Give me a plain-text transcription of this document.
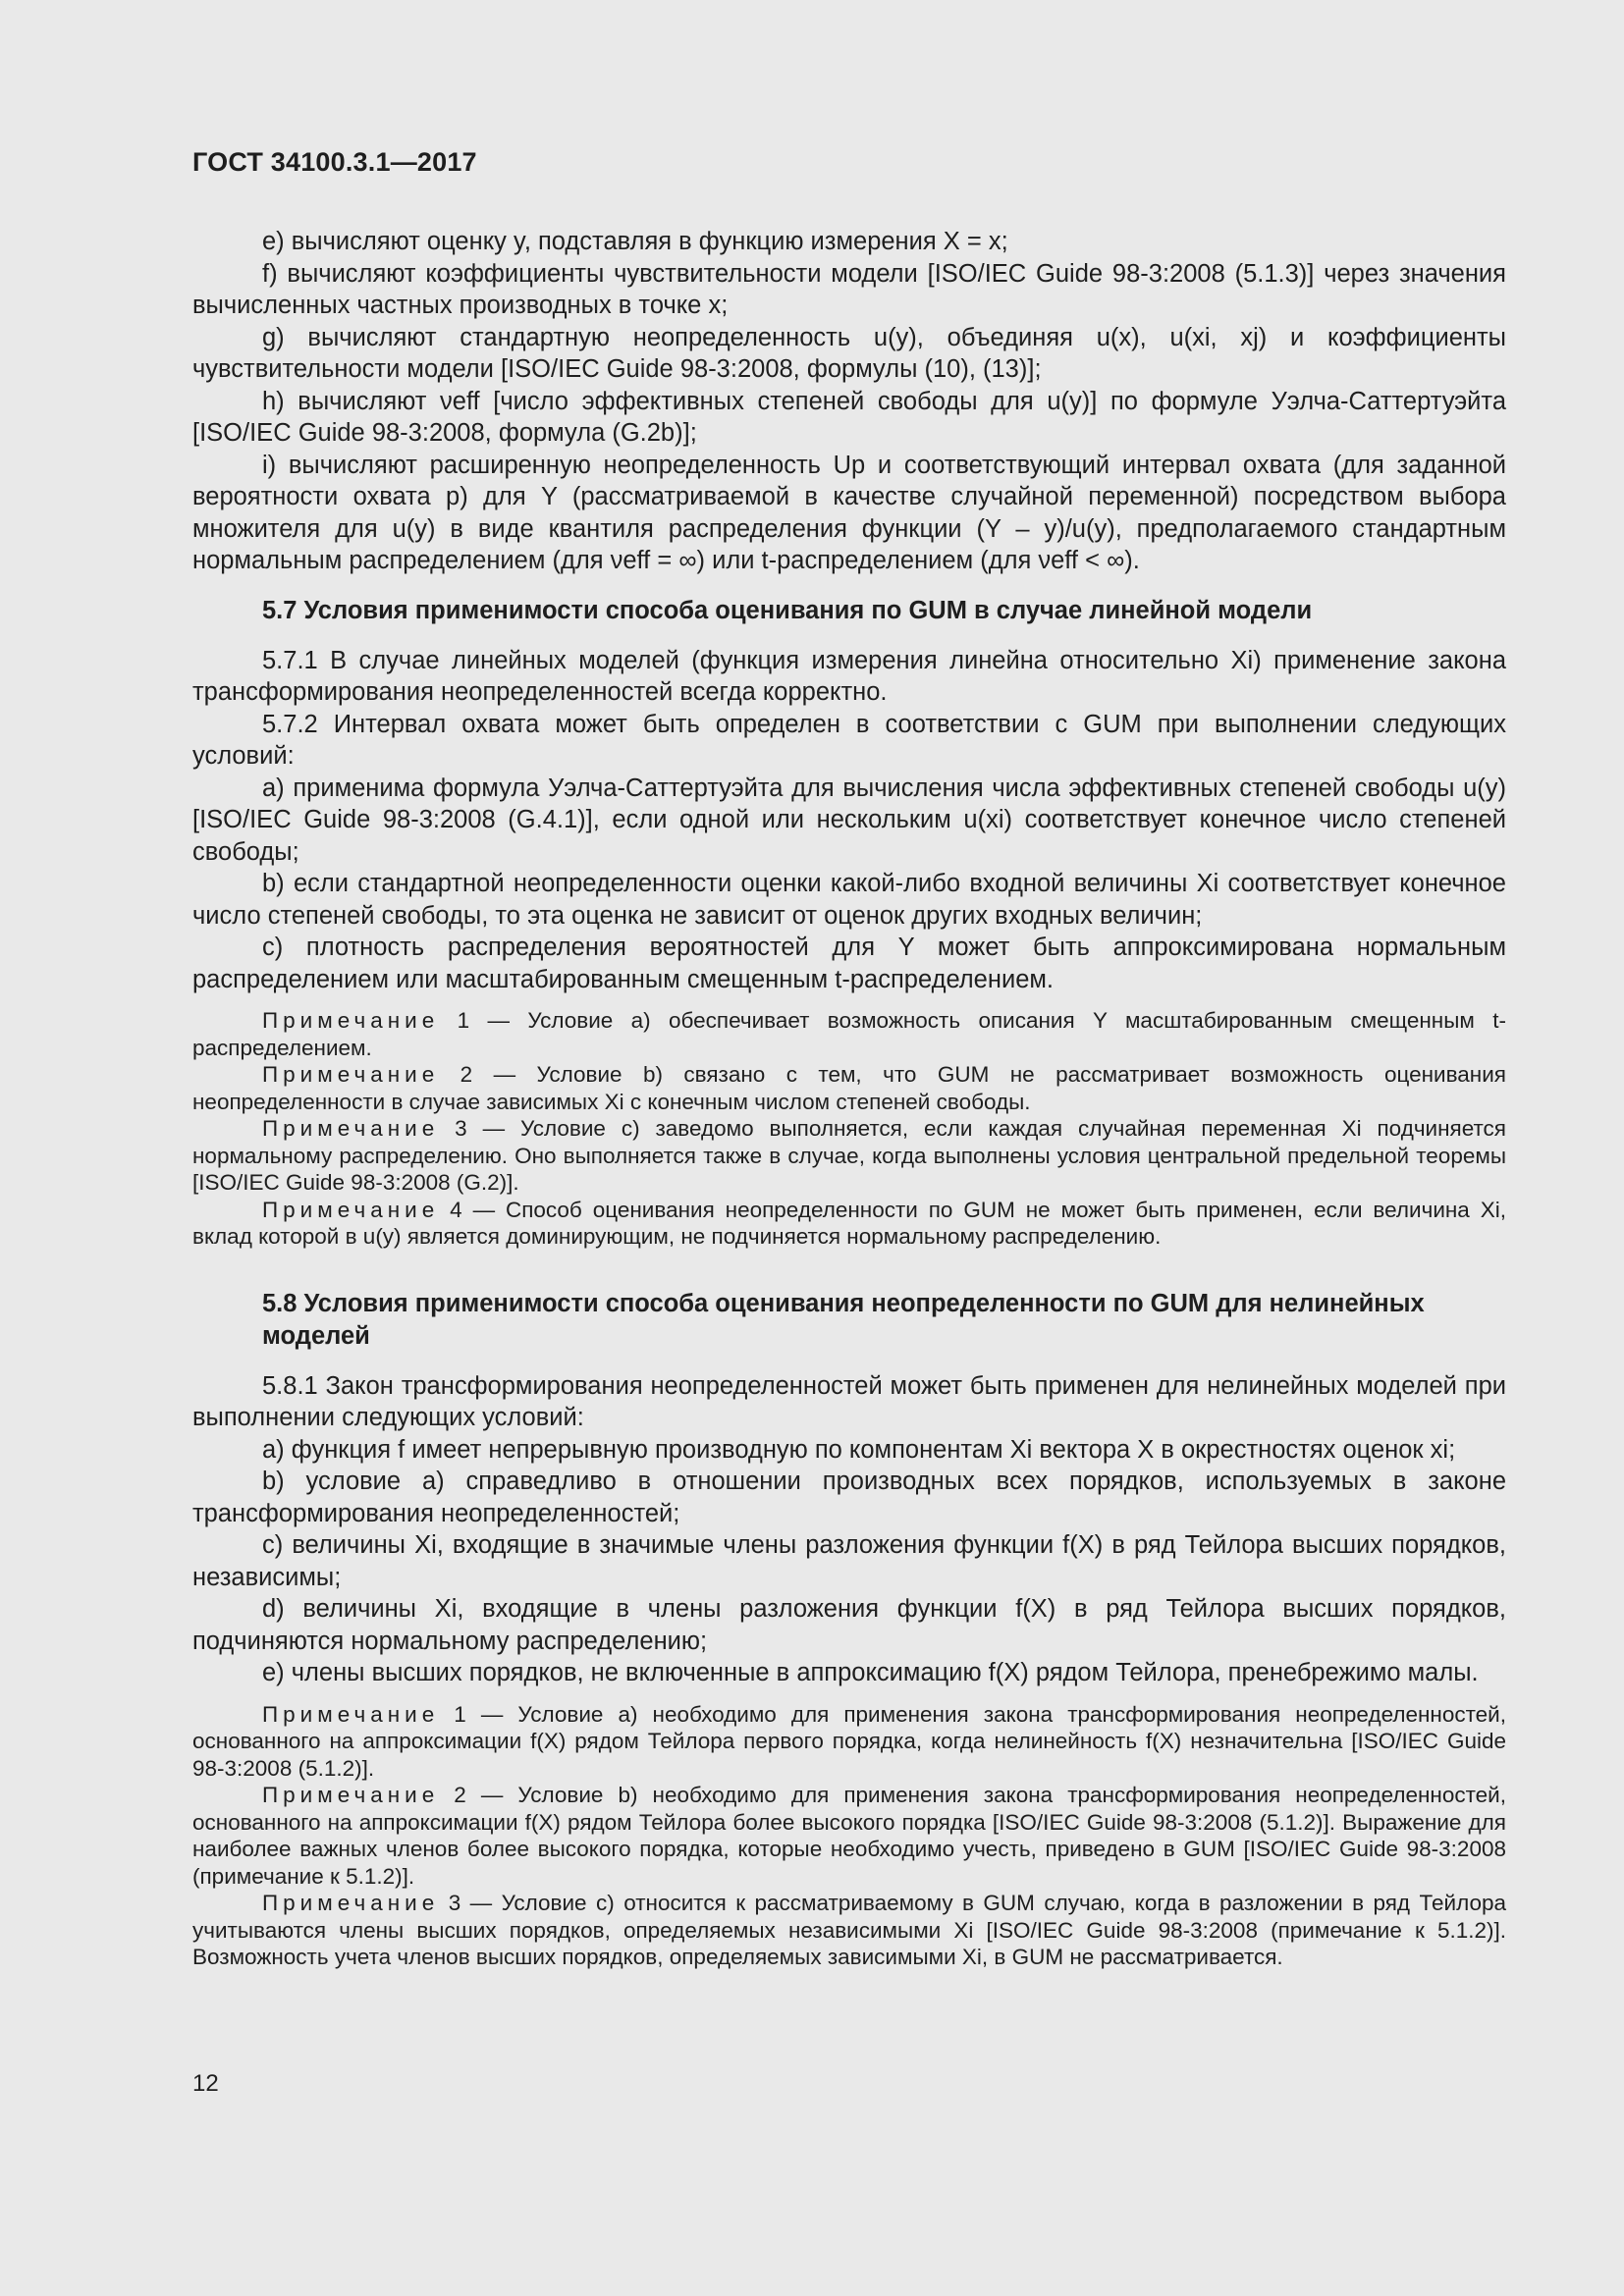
ГОСТ 34100.3.1—2017

е) вычисляют оценку y, подставляя в функцию измерения X = x;

f) вычисляют коэффициенты чувствительности модели [ISO/IEC Guide 98-3:2008 (5.1.3)] через значения вычисленных частных производных в точке x;

g) вычисляют стандартную неопределенность u(y), объединяя u(x), u(xi, xj) и коэффициенты чувствительности модели [ISO/IEC Guide 98-3:2008, формулы (10), (13)];

h) вычисляют νeff [число эффективных степеней свободы для u(y)] по формуле Уэлча-Саттертуэйта [ISO/IEC Guide 98-3:2008, формула (G.2b)];

i) вычисляют расширенную неопределенность Up и соответствующий интервал охвата (для заданной вероятности охвата p) для Y (рассматриваемой в качестве случайной переменной) посредством выбора множителя для u(y) в виде квантиля распределения функции (Y – y)/u(y), предполагаемого стандартным нормальным распределением (для νeff = ∞) или t-распределением (для νeff < ∞).

5.7 Условия применимости способа оценивания по GUM в случае линейной модели

5.7.1 В случае линейных моделей (функция измерения линейна относительно Xi) применение закона трансформирования неопределенностей всегда корректно.

5.7.2 Интервал охвата может быть определен в соответствии с GUM при выполнении следующих условий:

а) применима формула Уэлча-Саттертуэйта для вычисления числа эффективных степеней свободы u(y) [ISO/IEC Guide 98-3:2008 (G.4.1)], если одной или нескольким u(xi) соответствует конечное число степеней свободы;

b) если стандартной неопределенности оценки какой-либо входной величины Xi соответствует конечное число степеней свободы, то эта оценка не зависит от оценок других входных величин;

c) плотность распределения вероятностей для Y может быть аппроксимирована нормальным распределением или масштабированным смещенным t-распределением.

Примечание 1 — Условие а) обеспечивает возможность описания Y масштабированным смещенным t-распределением.

Примечание 2 — Условие b) связано с тем, что GUM не рассматривает возможность оценивания неопределенности в случае зависимых Xi с конечным числом степеней свободы.

Примечание 3 — Условие c) заведомо выполняется, если каждая случайная переменная Xi подчиняется нормальному распределению. Оно выполняется также в случае, когда выполнены условия центральной предельной теоремы [ISO/IEC Guide 98-3:2008 (G.2)].

Примечание 4 — Способ оценивания неопределенности по GUM не может быть применен, если величина Xi, вклад которой в u(y) является доминирующим, не подчиняется нормальному распределению.

5.8 Условия применимости способа оценивания неопределенности по GUM для нелинейных моделей

5.8.1 Закон трансформирования неопределенностей может быть применен для нелинейных моделей при выполнении следующих условий:

а) функция f имеет непрерывную производную по компонентам Xi вектора X в окрестностях оценок xi;

b) условие а) справедливо в отношении производных всех порядков, используемых в законе трансформирования неопределенностей;

c) величины Xi, входящие в значимые члены разложения функции f(X) в ряд Тейлора высших порядков, независимы;

d) величины Xi, входящие в члены разложения функции f(X) в ряд Тейлора высших порядков, подчиняются нормальному распределению;

е) члены высших порядков, не включенные в аппроксимацию f(X) рядом Тейлора, пренебрежимо малы.

Примечание 1 — Условие а) необходимо для применения закона трансформирования неопределенностей, основанного на аппроксимации f(X) рядом Тейлора первого порядка, когда нелинейность f(X) незначительна [ISO/IEC Guide 98-3:2008 (5.1.2)].

Примечание 2 — Условие b) необходимо для применения закона трансформирования неопределенностей, основанного на аппроксимации f(X) рядом Тейлора более высокого порядка [ISO/IEC Guide 98-3:2008 (5.1.2)]. Выражение для наиболее важных членов более высокого порядка, которые необходимо учесть, приведено в GUM [ISO/IEC Guide 98-3:2008 (примечание к 5.1.2)].

Примечание 3 — Условие c) относится к рассматриваемому в GUM случаю, когда в разложении в ряд Тейлора учитываются члены высших порядков, определяемых независимыми Xi [ISO/IEC Guide 98-3:2008 (примечание к 5.1.2)]. Возможность учета членов высших порядков, определяемых зависимыми Xi, в GUM не рассматривается.

12
